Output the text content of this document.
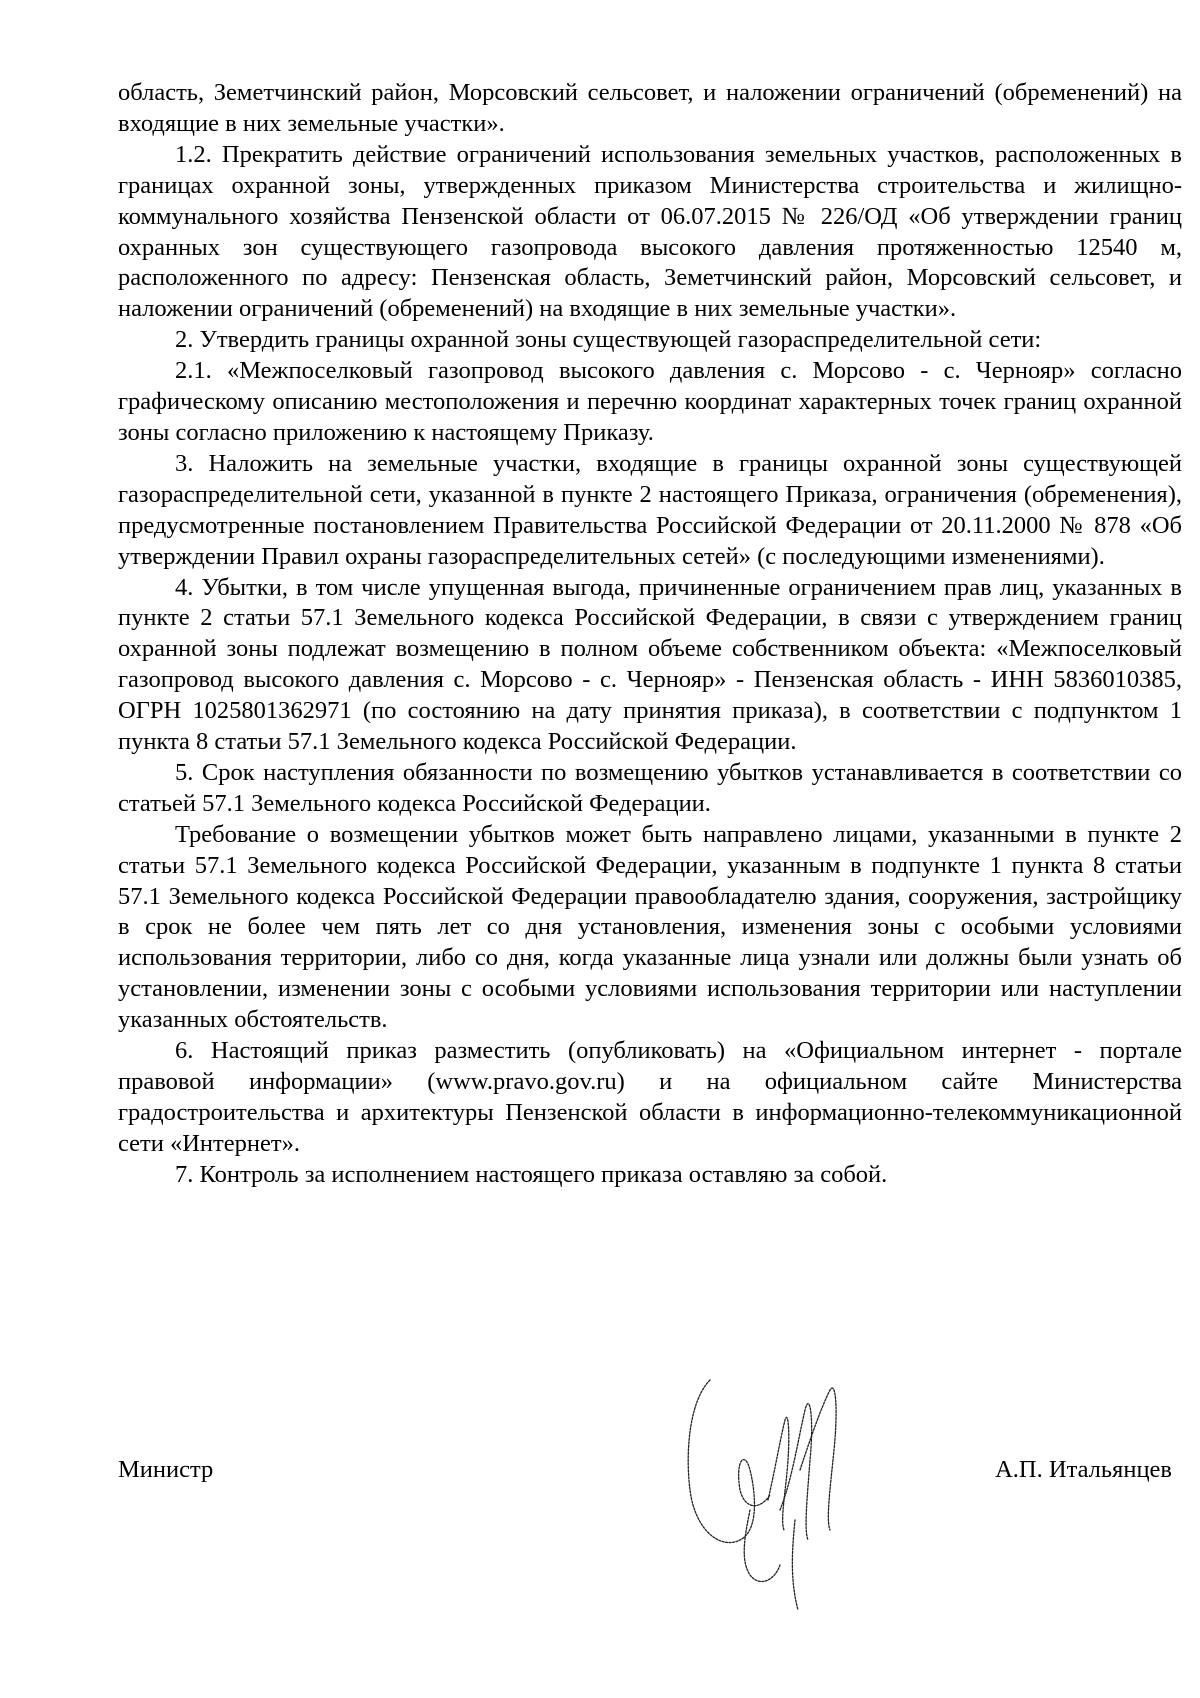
область, Земетчинский район, Морсовский сельсовет, и наложении ограничений (обременений) на входящие в них земельные участки».

1.2. Прекратить действие ограничений использования земельных участков, расположенных в границах охранной зоны, утвержденных приказом Министерства строительства и жилищно-коммунального хозяйства Пензенской области от 06.07.2015 № 226/ОД «Об утверждении границ охранных зон существующего газопровода высокого давления протяженностью 12540 м, расположенного по адресу: Пензенская область, Земетчинский район, Морсовский сельсовет, и наложении ограничений (обременений) на входящие в них земельные участки».

2. Утвердить границы охранной зоны существующей газораспределительной сети:

2.1. «Межпоселковый газопровод высокого давления с. Морсово - с. Чернояр» согласно графическому описанию местоположения и перечню координат характерных точек границ охранной зоны согласно приложению к настоящему Приказу.

3. Наложить на земельные участки, входящие в границы охранной зоны существующей газораспределительной сети, указанной в пункте 2 настоящего Приказа, ограничения (обременения), предусмотренные постановлением Правительства Российской Федерации от 20.11.2000 № 878 «Об утверждении Правил охраны газораспределительных сетей» (с последующими изменениями).

4. Убытки, в том числе упущенная выгода, причиненные ограничением прав лиц, указанных в пункте 2 статьи 57.1 Земельного кодекса Российской Федерации, в связи с утверждением границ охранной зоны подлежат возмещению в полном объеме собственником объекта: «Межпоселковый газопровод высокого давления с. Морсово - с. Чернояр» - Пензенская область - ИНН 5836010385, ОГРН 1025801362971 (по состоянию на дату принятия приказа), в соответствии с подпунктом 1 пункта 8 статьи 57.1 Земельного кодекса Российской Федерации.

5. Срок наступления обязанности по возмещению убытков устанавливается в соответствии со статьей 57.1 Земельного кодекса Российской Федерации.

Требование о возмещении убытков может быть направлено лицами, указанными в пункте 2 статьи 57.1 Земельного кодекса Российской Федерации, указанным в подпункте 1 пункта 8 статьи 57.1 Земельного кодекса Российской Федерации правообладателю здания, сооружения, застройщику в срок не более чем пять лет со дня установления, изменения зоны с особыми условиями использования территории, либо со дня, когда указанные лица узнали или должны были узнать об установлении, изменении зоны с особыми условиями использования территории или наступлении указанных обстоятельств.

6. Настоящий приказ разместить (опубликовать) на «Официальном интернет - портале правовой информации» (www.pravo.gov.ru) и на официальном сайте Министерства градостроительства и архитектуры Пензенской области в информационно-телекоммуникационной сети «Интернет».

7. Контроль за исполнением настоящего приказа оставляю за собой.

Министр	А.П. Итальянцев
